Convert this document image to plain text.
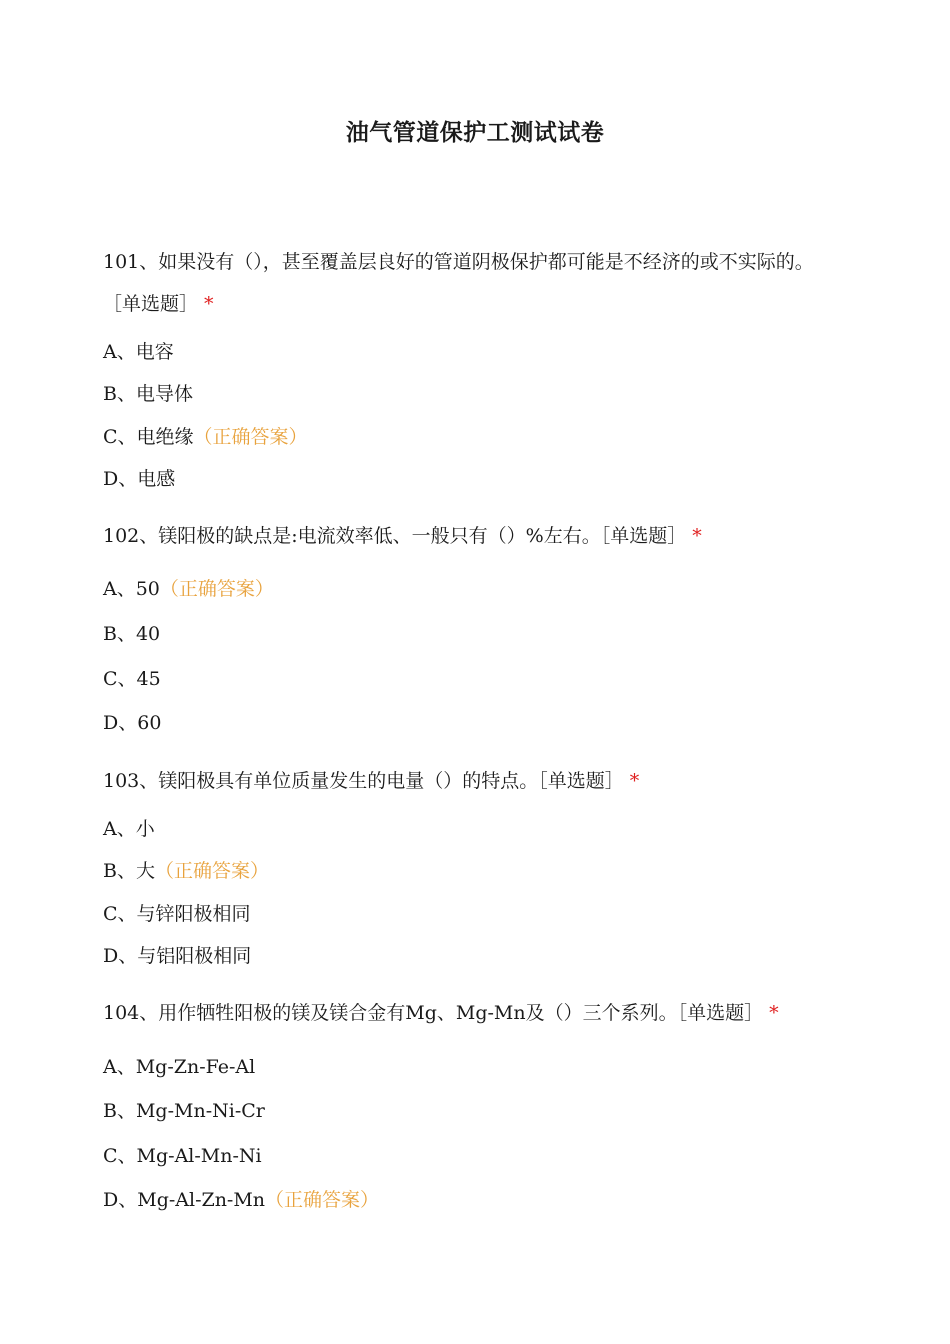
油气管道保护工测试试卷
101、如果没有（），甚至覆盖层良好的管道阴极保护都可能是不经济的或不实际的。
［单选题］ *
A、电容
B、电导体
C、电绝缘（正确答案）
D、电感
102、镁阳极的缺点是:电流效率低、一般只有（）%左右。［单选题］ *
A、50（正确答案）
B、40
C、45
D、60
103、镁阳极具有单位质量发生的电量（）的特点。［单选题］ *
A、小
B、大（正确答案）
C、与锌阳极相同
D、与铝阳极相同
104、用作牺牲阳极的镁及镁合金有Mg、Mg-Mn及（）三个系列。［单选题］ *
A、Mg-Zn-Fe-Al
B、Mg-Mn-Ni-Cr
C、Mg-Al-Mn-Ni
D、Mg-Al-Zn-Mn（正确答案）
